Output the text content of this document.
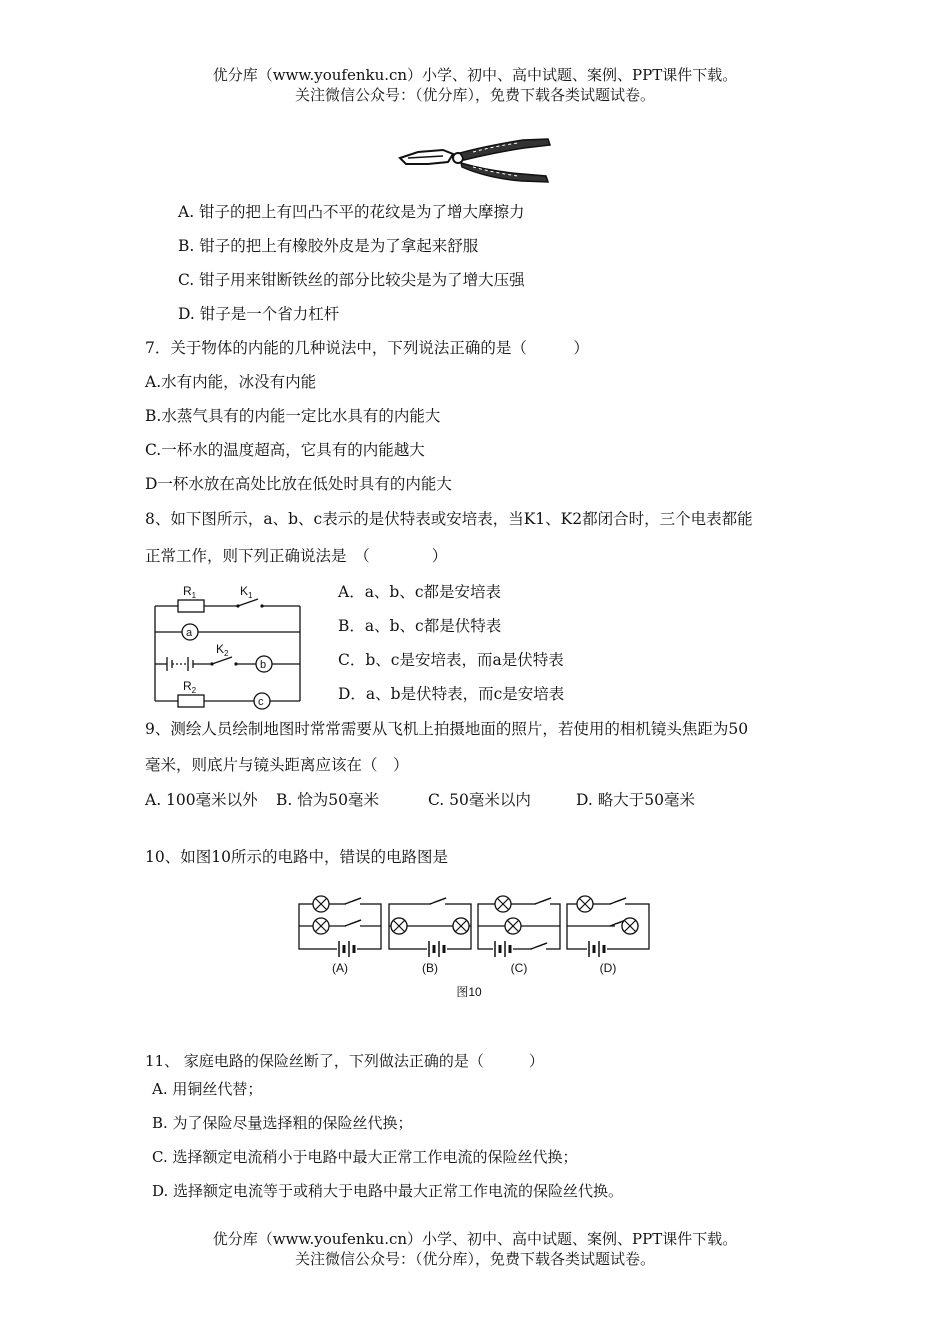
优分库（www.youfenku.cn）小学、初中、高中试题、案例、PPT课件下载。
关注微信公众号：（优分库），免费下载各类试题试卷。
A. 钳子的把上有凹凸不平的花纹是为了增大摩擦力
B. 钳子的把上有橡胶外皮是为了拿起来舒服
C. 钳子用来钳断铁丝的部分比较尖是为了增大压强
D. 钳子是一个省力杠杆
7．关于物体的内能的几种说法中，下列说法正确的是（　　　）
A.水有内能，冰没有内能
B.水蒸气具有的内能一定比水具有的内能大
C.一杯水的温度超高，它具有的内能越大
D一杯水放在高处比放在低处时具有的内能大
8、如下图所示，a、b、c表示的是伏特表或安培表，当K1、K2都闭合时，三个电表都能
正常工作，则下列正确说法是　（　　　　）
$R_1$	$K_1$
$K_2$
$R_2$
a
b
c
A．a、b、c都是安培表
B．a、b、c都是伏特表
C．b、c是安培表，而a是伏特表
D．a、b是伏特表，而c是安培表
9、测绘人员绘制地图时常常需要从飞机上拍摄地面的照片，若使用的相机镜头焦距为50
毫米，则底片与镜头距离应该在（　）
A. 100毫米以外 B. 恰为50毫米	C. 50毫米以内	D. 略大于50毫米
10、如图10所示的电路中，错误的电路图是
(A)	(B)	(C)	(D)
图10
11、 家庭电路的保险丝断了，下列做法正确的是（　　　）
A. 用铜丝代替；
B. 为了保险尽量选择粗的保险丝代换；
C. 选择额定电流稍小于电路中最大正常工作电流的保险丝代换；
D. 选择额定电流等于或稍大于电路中最大正常工作电流的保险丝代换。
优分库（www.youfenku.cn）小学、初中、高中试题、案例、PPT课件下载。
关注微信公众号：（优分库），免费下载各类试题试卷。
